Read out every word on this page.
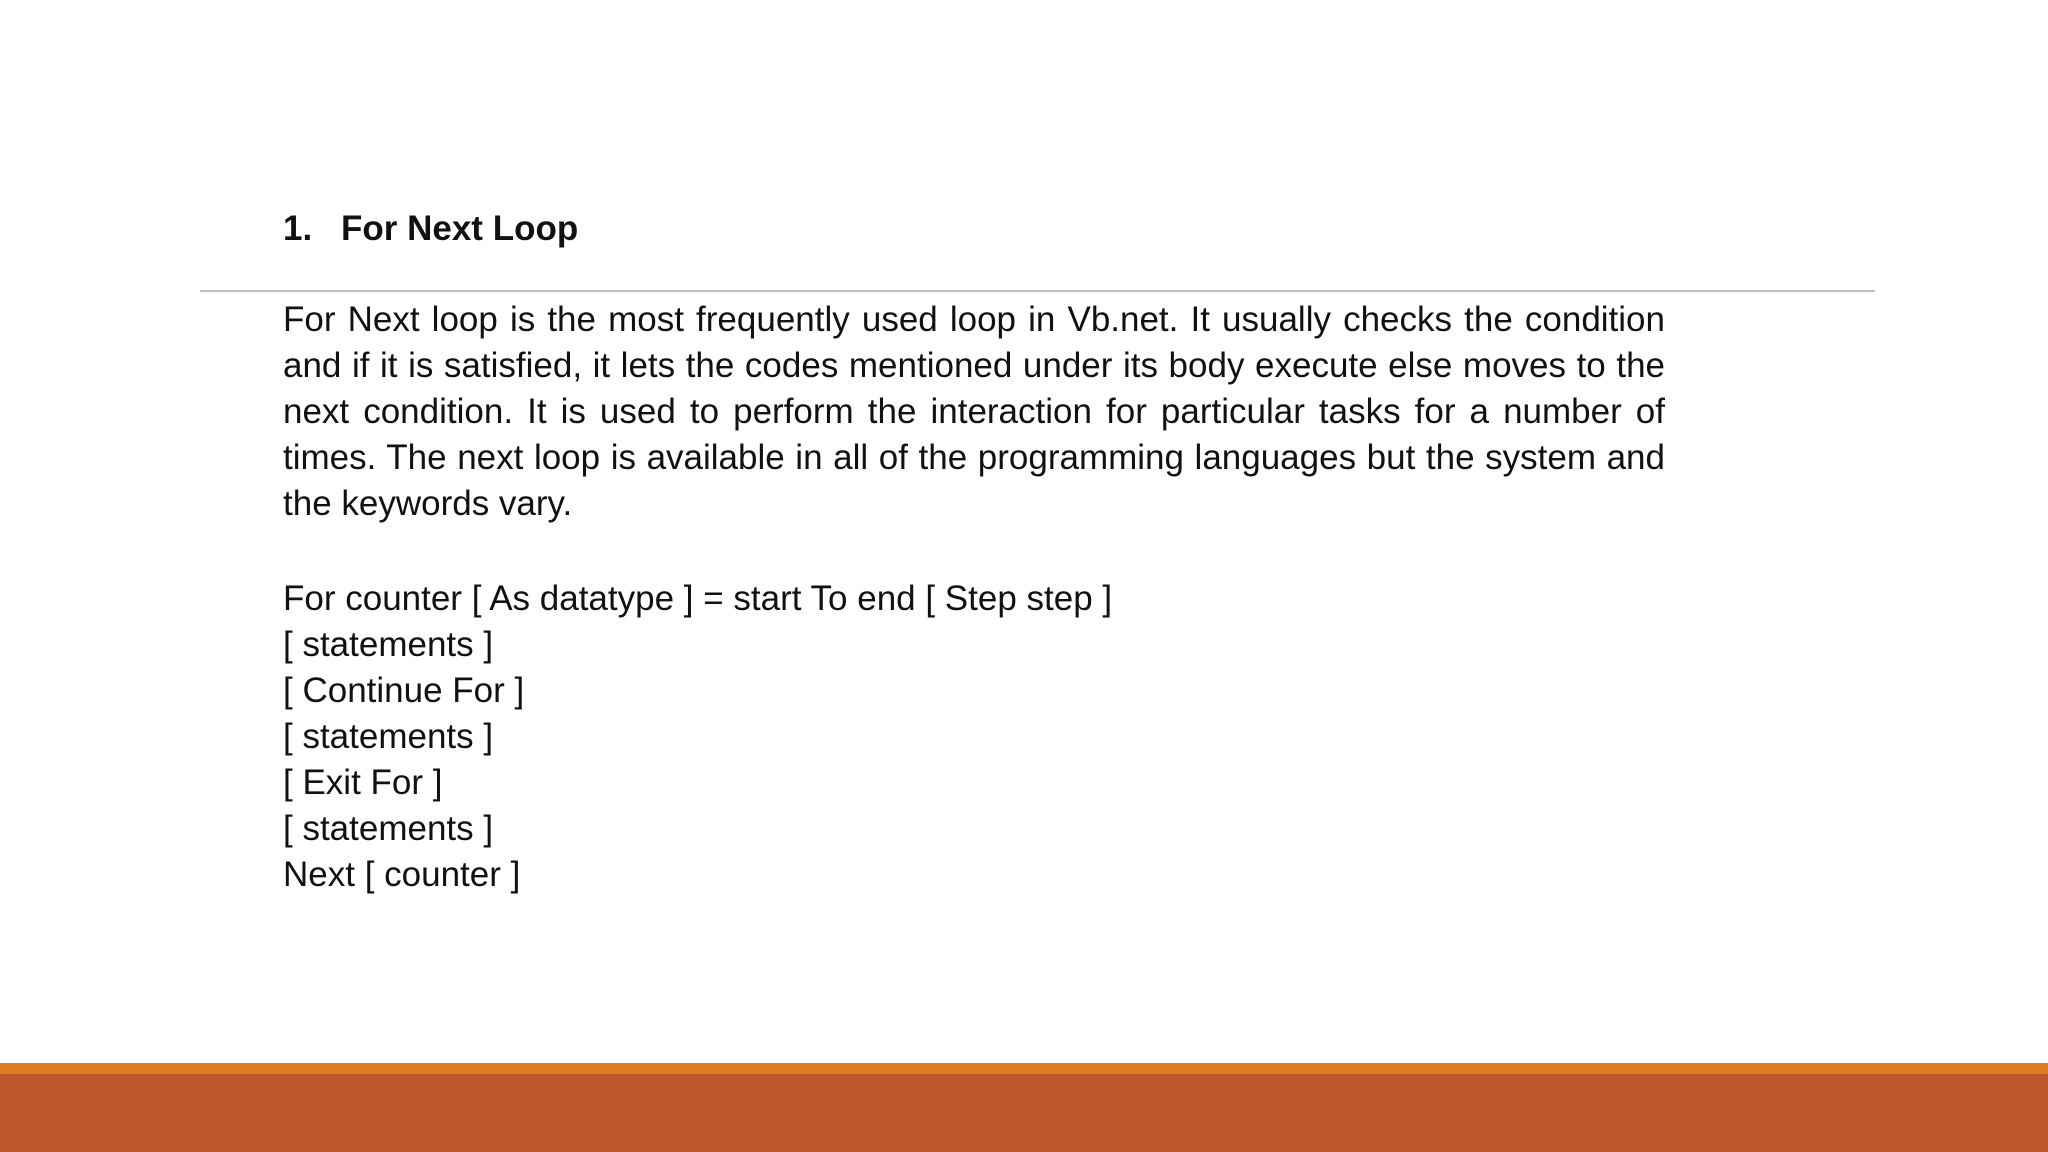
1. For Next Loop
For Next loop is the most frequently used loop in Vb.net. It usually checks the condition and if it is satisfied, it lets the codes mentioned under its body execute else moves to the next condition. It is used to perform the interaction for particular tasks for a number of times. The next loop is available in all of the programming languages but the system and the keywords vary.
For counter [ As datatype ] = start To end [ Step step ]
[ statements ]
[ Continue For ]
[ statements ]
[ Exit For ]
[ statements ]
Next [ counter ]
